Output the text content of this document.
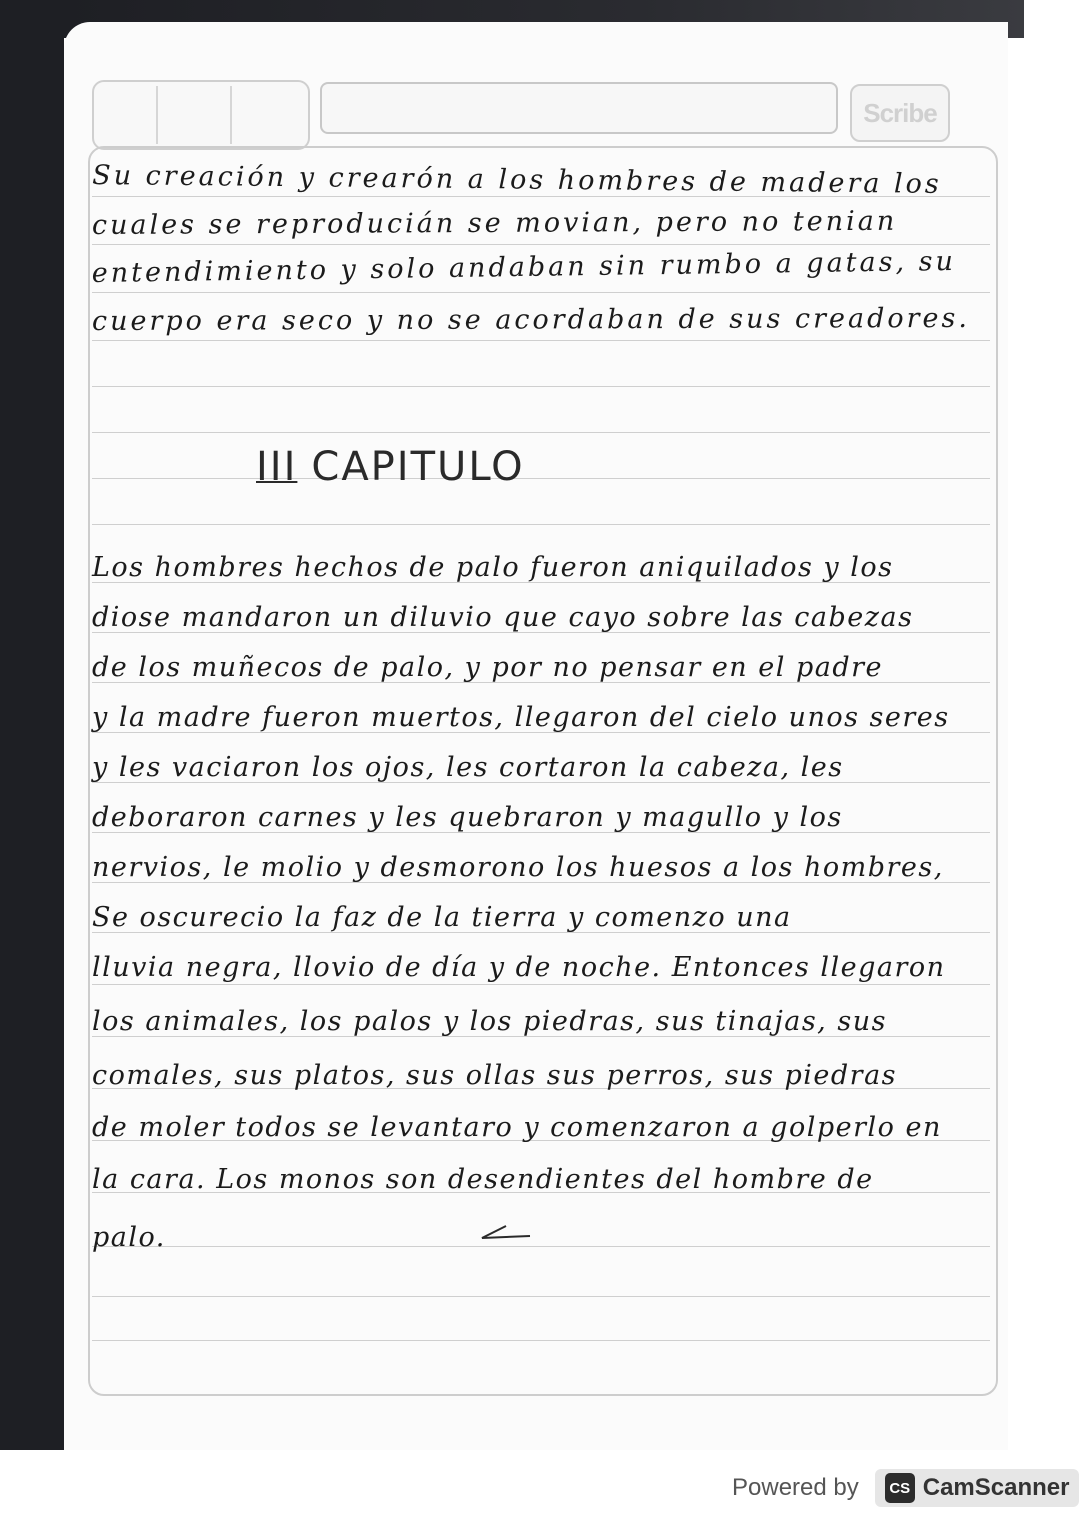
Scribe
Su creación y crearón a los hombres de madera los
cuales se reproducián se movian, pero no tenian
entendimiento y solo andaban sin rumbo a gatas, su
cuerpo era seco y no se acordaban de sus creadores.
III CAPITULO
Los hombres hechos de palo fueron aniquilados y los
diose mandaron un diluvio que cayo sobre las cabezas
de los muñecos de palo, y por no pensar en el padre
y la madre fueron muertos, llegaron del cielo unos seres
y les vaciaron los ojos, les cortaron la cabeza, les
deboraron carnes y les quebraron y magullo y los
nervios, le molio y desmorono los huesos a los hombres,
Se oscurecio la faz de la tierra y comenzo una
lluvia negra, llovio de día y de noche. Entonces llegaron
los animales, los palos y los piedras, sus tinajas, sus
comales, sus platos, sus ollas sus perros, sus piedras
de moler todos se levantaro y comenzaron a golperlo en
la cara. Los monos son desendientes del hombre de
palo.
Powered by	CS CamScanner
